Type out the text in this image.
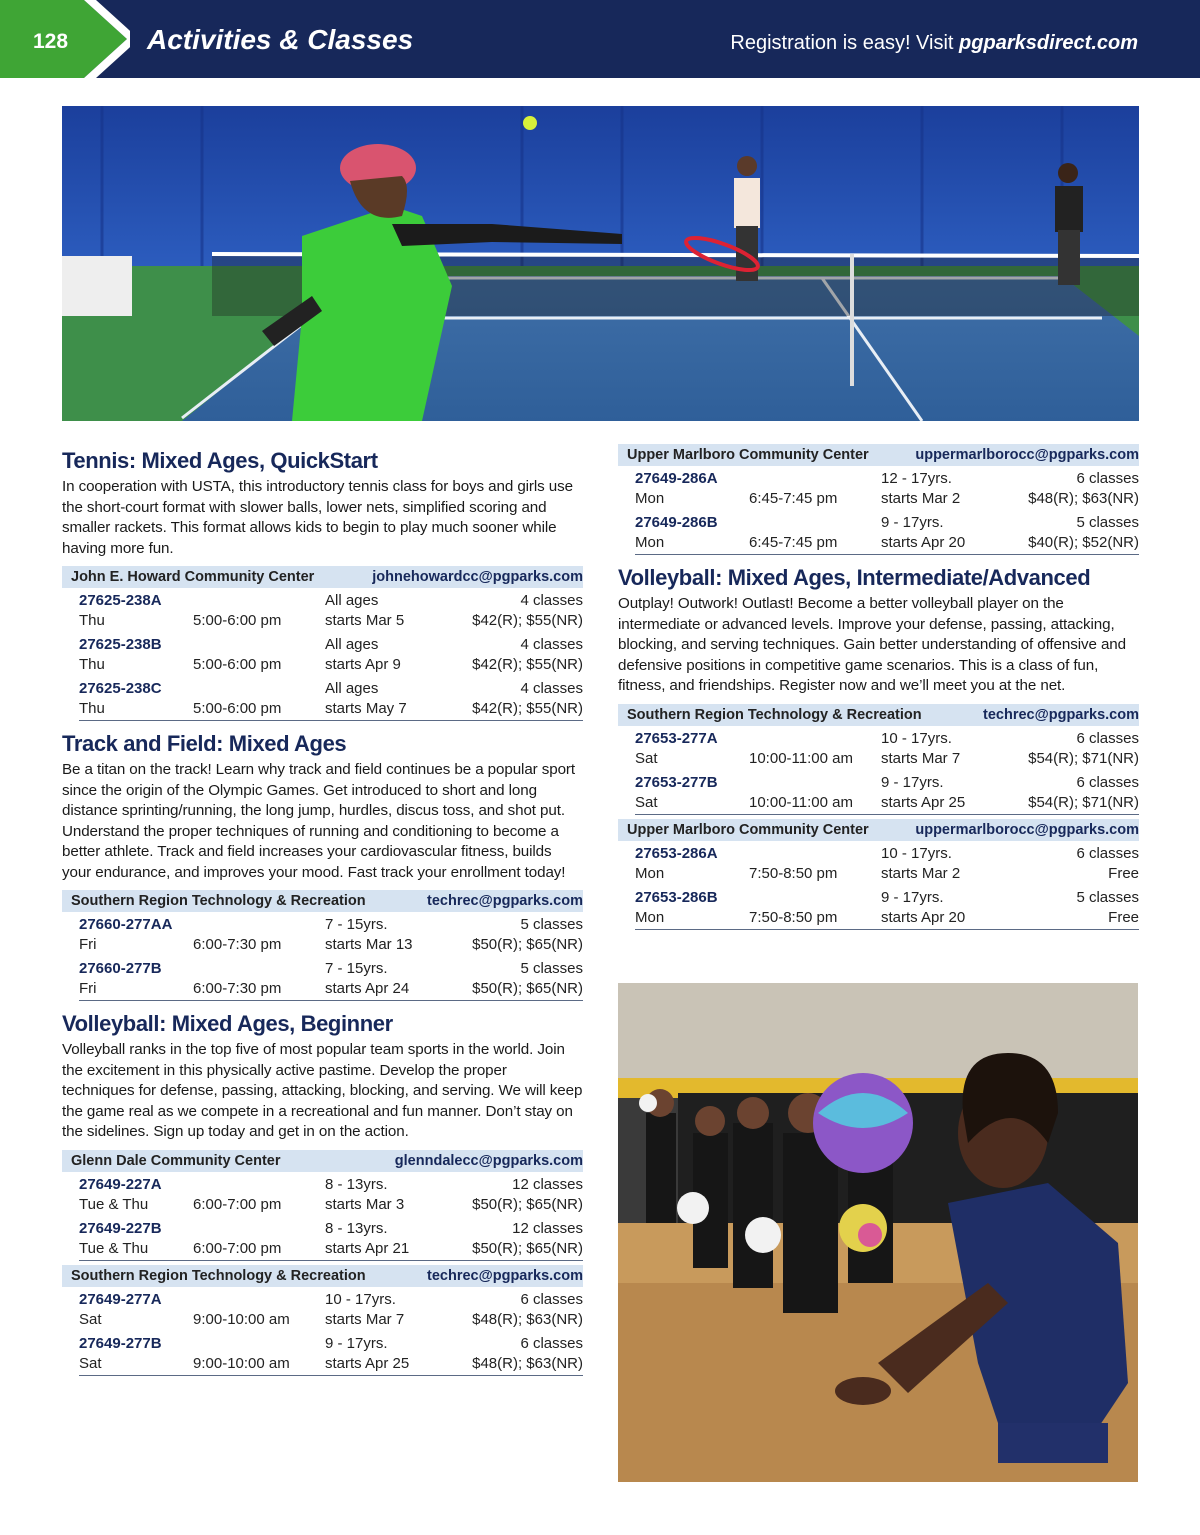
128	Activities & Classes	Registration is easy! Visit pgparksdirect.com
Tennis: Mixed Ages, QuickStart

In cooperation with USTA, this introductory tennis class for boys and girls use the short-court format with slower balls, lower nets, simplified scoring and smaller rackets. This format allows kids to begin to play much sooner while having more fun.

John E. Howard Community Center	johnehowardcc@pgparks.com
27625-238A	All ages	4 classes
Thu	5:00-6:00 pm	starts Mar 5	$42(R); $55(NR)
27625-238B	All ages	4 classes
Thu	5:00-6:00 pm	starts Apr 9	$42(R); $55(NR)
27625-238C	All ages	4 classes
Thu	5:00-6:00 pm	starts May 7	$42(R); $55(NR)
Track and Field: Mixed Ages

Be a titan on the track! Learn why track and field continues be a popular sport since the origin of the Olympic Games. Get introduced to short and long distance sprinting/running, the long jump, hurdles, discus toss, and shot put. Understand the proper techniques of running and conditioning to become a better athlete. Track and field increases your cardiovascular fitness, builds your endurance, and improves your mood. Fast track your enrollment today!

Southern Region Technology & Recreation	techrec@pgparks.com
27660-277AA	7 - 15yrs.	5 classes
Fri	6:00-7:30 pm	starts Mar 13	$50(R); $65(NR)
27660-277B	7 - 15yrs.	5 classes
Fri	6:00-7:30 pm	starts Apr 24	$50(R); $65(NR)
Volleyball: Mixed Ages, Beginner

Volleyball ranks in the top five of most popular team sports in the world. Join the excitement in this physically active pastime. Develop the proper techniques for defense, passing, attacking, blocking, and serving. We will keep the game real as we compete in a recreational and fun manner. Don’t stay on the sidelines. Sign up today and get in on the action.

Glenn Dale Community Center	glenndalecc@pgparks.com
27649-227A	8 - 13yrs.	12 classes
Tue & Thu	6:00-7:00 pm	starts Mar 3	$50(R); $65(NR)
27649-227B	8 - 13yrs.	12 classes
Tue & Thu	6:00-7:00 pm	starts Apr 21	$50(R); $65(NR)
Southern Region Technology & Recreation	techrec@pgparks.com
27649-277A	10 - 17yrs.	6 classes
Sat	9:00-10:00 am	starts Mar 7	$48(R); $63(NR)
27649-277B	9 - 17yrs.	6 classes
Sat	9:00-10:00 am	starts Apr 25	$48(R); $63(NR)
Upper Marlboro Community Center	uppermarlborocc@pgparks.com
27649-286A	12 - 17yrs.	6 classes
Mon	6:45-7:45 pm	starts Mar 2	$48(R); $63(NR)
27649-286B	9 - 17yrs.	5 classes
Mon	6:45-7:45 pm	starts Apr 20	$40(R); $52(NR)
Volleyball: Mixed Ages, Intermediate/Advanced

Outplay! Outwork! Outlast! Become a better volleyball player on the intermediate or advanced levels. Improve your defense, passing, attacking, blocking, and serving techniques. Gain better understanding of offensive and defensive positions in competitive game scenarios. This is a class of fun, fitness, and friendships. Register now and we’ll meet you at the net.

Southern Region Technology & Recreation	techrec@pgparks.com
27653-277A	10 - 17yrs.	6 classes
Sat	10:00-11:00 am	starts Mar 7	$54(R); $71(NR)
27653-277B	9 - 17yrs.	6 classes
Sat	10:00-11:00 am	starts Apr 25	$54(R); $71(NR)
Upper Marlboro Community Center	uppermarlborocc@pgparks.com
27653-286A	10 - 17yrs.	6 classes
Mon	7:50-8:50 pm	starts Mar 2	Free
27653-286B	9 - 17yrs.	5 classes
Mon	7:50-8:50 pm	starts Apr 20	Free
